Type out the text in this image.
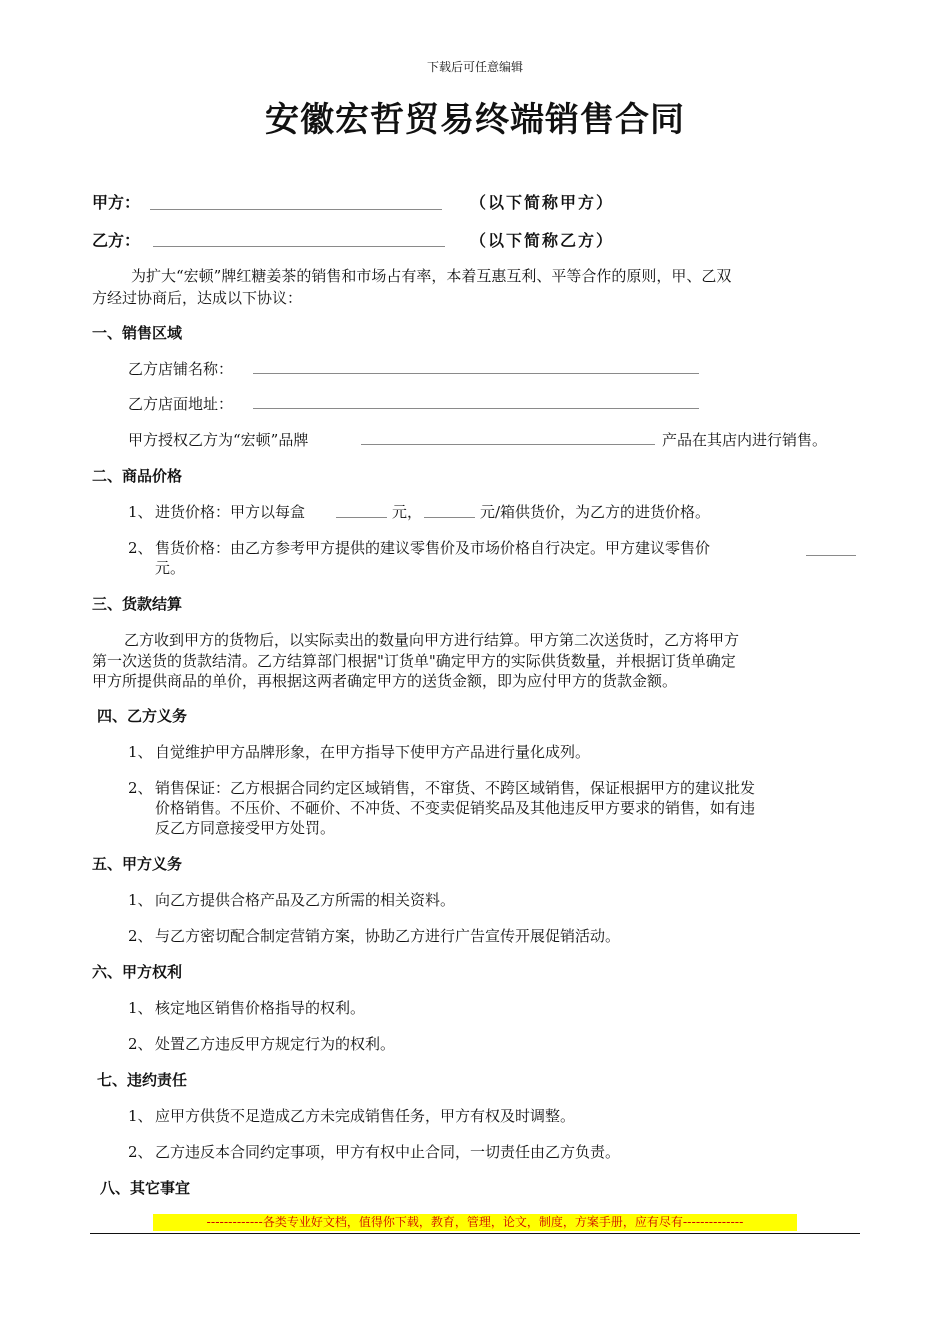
下载后可任意编辑
安徽宏哲贸易终端销售合同
甲方：	（以下简称甲方）
乙方：	（以下简称乙方）
为扩大“宏顿”牌红糖姜茶的销售和市场占有率，本着互惠互利、平等合作的原则，甲、乙双
方经过协商后，达成以下协议：
一、销售区域
乙方店铺名称：
乙方店面地址：
甲方授权乙方为“宏顿”品牌	产品在其店内进行销售。
二、商品价格
1、 进货价格：甲方以每盒	元，	元/箱供货价，为乙方的进货价格。
2、 售货价格：由乙方参考甲方提供的建议零售价及市场价格自行决定。甲方建议零售价
元。
三、货款结算
乙方收到甲方的货物后，以实际卖出的数量向甲方进行结算。甲方第二次送货时，乙方将甲方
第一次送货的货款结清。乙方结算部门根据"订货单"确定甲方的实际供货数量，并根据订货单确定
甲方所提供商品的单价，再根据这两者确定甲方的送货金额，即为应付甲方的货款金额。
四、乙方义务
1、 自觉维护甲方品牌形象，在甲方指导下使甲方产品进行量化成列。
2、 销售保证：乙方根据合同约定区域销售，不窜货、不跨区域销售，保证根据甲方的建议批发
价格销售。不压价、不砸价、不冲货、不变卖促销奖品及其他违反甲方要求的销售，如有违
反乙方同意接受甲方处罚。
五、甲方义务
1、 向乙方提供合格产品及乙方所需的相关资料。
2、 与乙方密切配合制定营销方案，协助乙方进行广告宣传开展促销活动。
六、甲方权利
1、 核定地区销售价格指导的权利。
2、 处置乙方违反甲方规定行为的权利。
七、违约责任
1、 应甲方供货不足造成乙方未完成销售任务，甲方有权及时调整。
2、 乙方违反本合同约定事项，甲方有权中止合同，一切责任由乙方负责。
八、其它事宜
-------------各类专业好文档，值得你下载，教育，管理，论文，制度，方案手册，应有尽有--------------
